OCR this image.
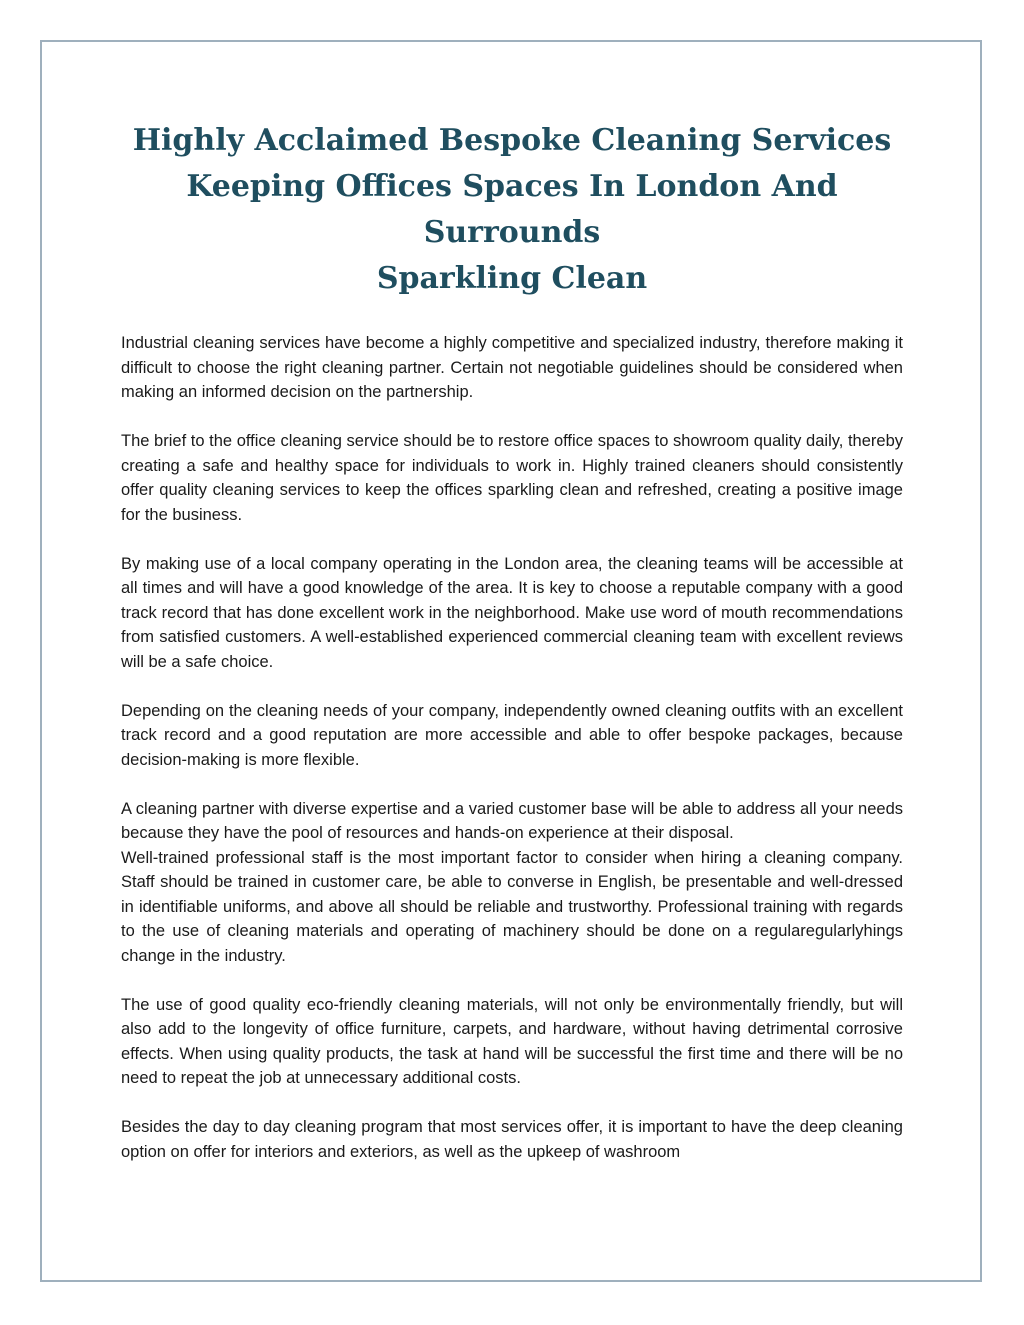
Highly Acclaimed Bespoke Cleaning Services
Keeping Offices Spaces In London And Surrounds
Sparkling Clean

Industrial cleaning services have become a highly competitive and specialized industry, therefore making it difficult to choose the right cleaning partner. Certain not negotiable guidelines should be considered when making an informed decision on the partnership.

The brief to the office cleaning service should be to restore office spaces to showroom quality daily, thereby creating a safe and healthy space for individuals to work in. Highly trained cleaners should consistently offer quality cleaning services to keep the offices sparkling clean and refreshed, creating a positive image for the business.

By making use of a local company operating in the London area, the cleaning teams will be accessible at all times and will have a good knowledge of the area. It is key to choose a reputable company with a good track record that has done excellent work in the neighborhood. Make use word of mouth recommendations from satisfied customers. A well-established experienced commercial cleaning team with excellent reviews will be a safe choice.

Depending on the cleaning needs of your company, independently owned cleaning outfits with an excellent track record and a good reputation are more accessible and able to offer bespoke packages, because decision-making is more flexible.

A cleaning partner with diverse expertise and a varied customer base will be able to address all your needs because they have the pool of resources and hands-on experience at their disposal.

Well-trained professional staff is the most important factor to consider when hiring a cleaning company. Staff should be trained in customer care, be able to converse in English, be presentable and well-dressed in identifiable uniforms, and above all should be reliable and trustworthy. Professional training with regards to the use of cleaning materials and operating of machinery should be done on a regularegularlyhings change in the industry.

The use of good quality eco-friendly cleaning materials, will not only be environmentally friendly, but will also add to the longevity of office furniture, carpets, and hardware, without having detrimental corrosive effects. When using quality products, the task at hand will be successful the first time and there will be no need to repeat the job at unnecessary additional costs.

Besides the day to day cleaning program that most services offer, it is important to have the deep cleaning option on offer for interiors and exteriors, as well as the upkeep of washroom
